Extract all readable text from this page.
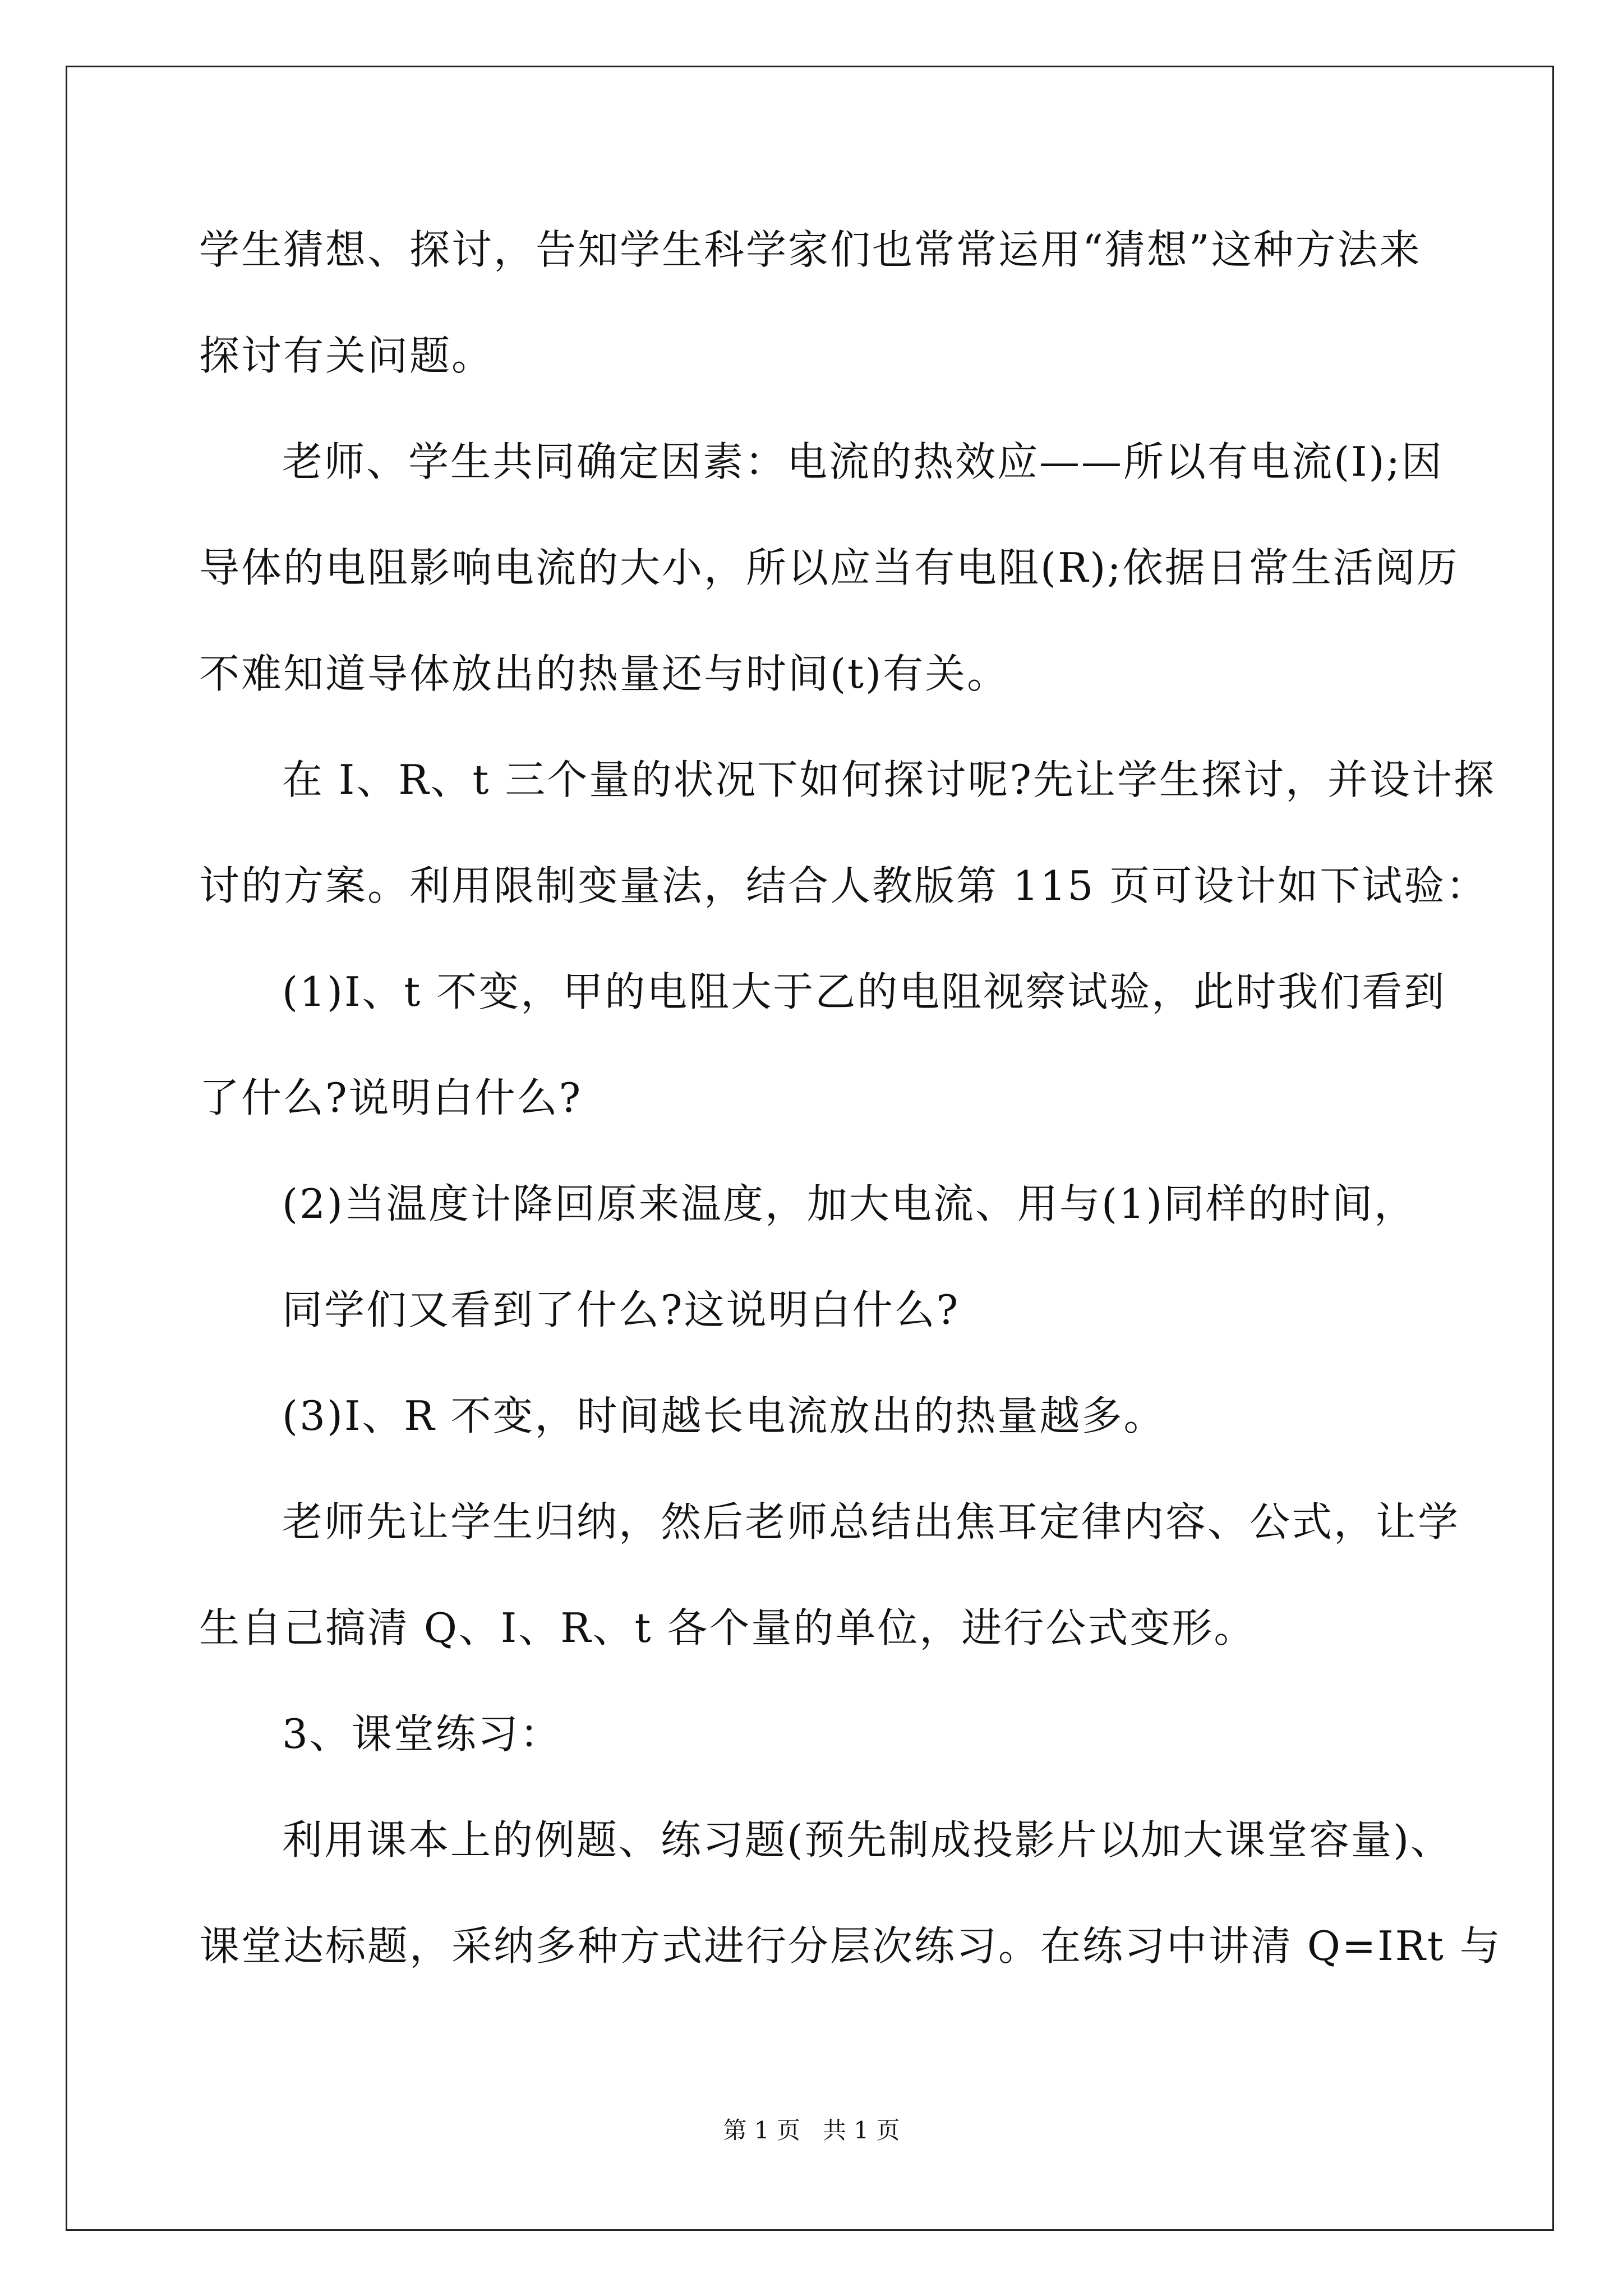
学生猜想、探讨，告知学生科学家们也常常运用“猜想”这种方法来
探讨有关问题。
老师、学生共同确定因素：电流的热效应——所以有电流(I);因
导体的电阻影响电流的大小，所以应当有电阻(R);依据日常生活阅历
不难知道导体放出的热量还与时间(t)有关。
在 I、R、t 三个量的状况下如何探讨呢?先让学生探讨，并设计探
讨的方案。利用限制变量法，结合人教版第 115 页可设计如下试验：
(1)I、t 不变，甲的电阻大于乙的电阻视察试验，此时我们看到
了什么?说明白什么?
(2)当温度计降回原来温度，加大电流、用与(1)同样的时间，
同学们又看到了什么?这说明白什么?
(3)I、R 不变，时间越长电流放出的热量越多。
老师先让学生归纳，然后老师总结出焦耳定律内容、公式，让学
生自己搞清 Q、I、R、t 各个量的单位，进行公式变形。
3、课堂练习：
利用课本上的例题、练习题(预先制成投影片以加大课堂容量)、
课堂达标题，采纳多种方式进行分层次练习。在练习中讲清 Q=IRt 与
第 1 页   共 1 页
